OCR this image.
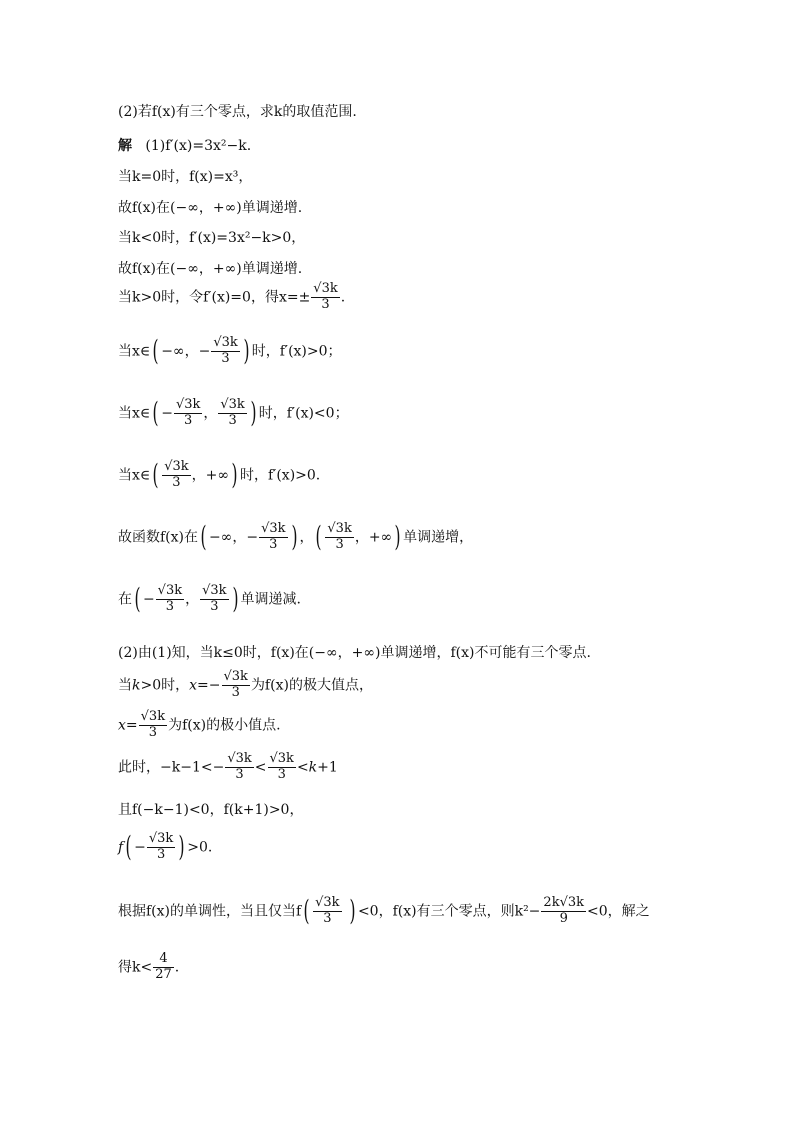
(2)若f(x)有三个零点，求k的取值范围.
解 (1)f′(x)=3x²−k.
当k=0时，f(x)=x³，
故f(x)在(−∞，+∞)单调递增.
当k<0时，f′(x)=3x²−k>0，
故f(x)在(−∞，+∞)单调递增.
当k>0时，令f′(x)=0，得$x=\pm \frac{√3k}{3}$ .
当x∈( −∞，− $\frac{√3k}{3}$ ) 时，f′(x)>0；
当x∈( − $\frac{√3k}{3}$ ， $\frac{√3k}{3}$ ) 时，f′(x)<0；
当x∈( $\frac{√3k}{3}$ ，+∞) 时，f′(x)>0.
故函数f(x)在( −∞，− $\frac{√3k}{3}$ ) ，( $\frac{√3k}{3}$ ，+∞) 单调递增，
在( − $\frac{√3k}{3}$ ， $\frac{√3k}{3}$ ) 单调递减.
(2)由(1)知，当k≤0时，f(x)在(−∞，+∞)单调递增，f(x)不可能有三个零点.
当k>0时，$x=- \frac{√3k}{3}$ 为f(x)的极大值点，
$x= \frac{√3k}{3}$ 为f(x)的极小值点.
此时，$-k-1<- \frac{√3k}{3} < \frac{√3k}{3} <k+1$
且f(−k−1)<0，f(k+1)>0，
$f( - \frac{√3k}{3}$ ) >0.
根据f(x)的单调性，当且仅当$f( \frac{√3k}{3}$ ) <0，f(x)有三个零点，则$k^2- \frac{2k√3k}{9} <0$，解之
得$k< \frac{4}{27}$ .
